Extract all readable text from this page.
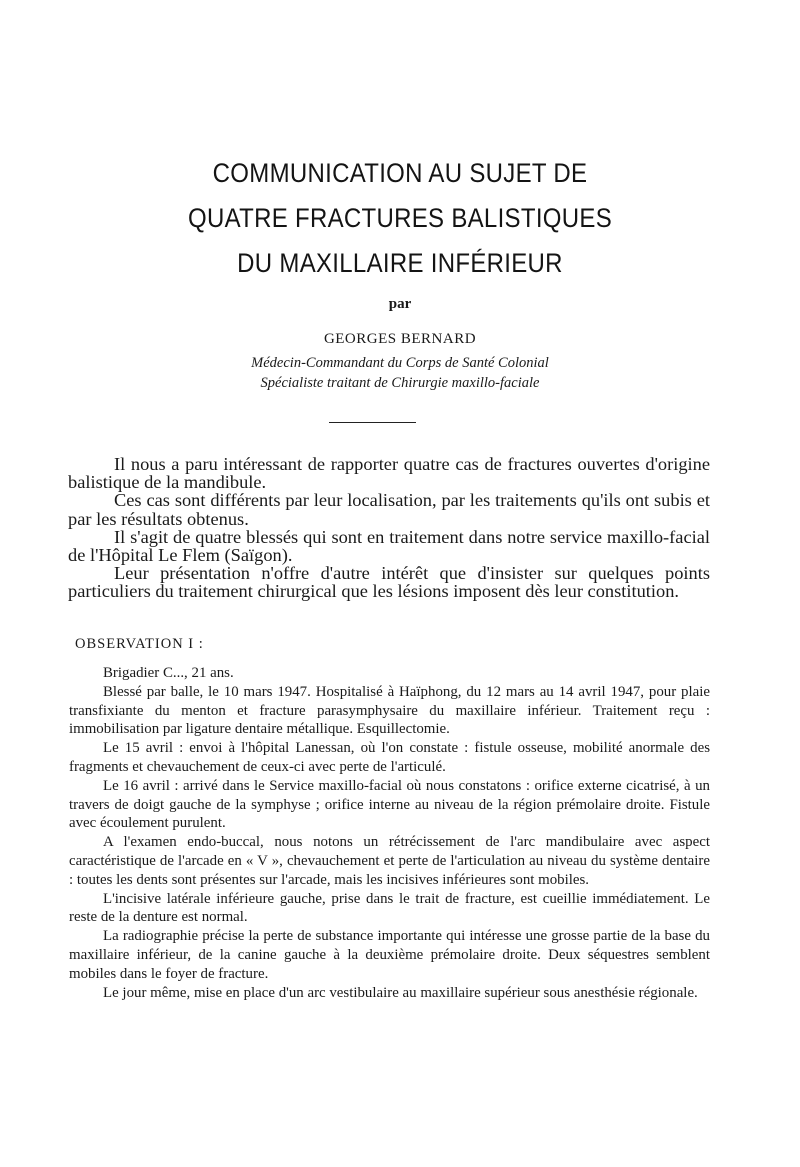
COMMUNICATION AU SUJET DE
QUATRE FRACTURES BALISTIQUES
DU MAXILLAIRE INFÉRIEUR
par
GEORGES BERNARD
Médecin-Commandant du Corps de Santé Colonial
Spécialiste traitant de Chirurgie maxillo-faciale

Il nous a paru intéressant de rapporter quatre cas de fractures ouvertes d'origine balistique de la mandibule.

Ces cas sont différents par leur localisation, par les traitements qu'ils ont subis et par les résultats obtenus.

Il s'agit de quatre blessés qui sont en traitement dans notre service maxillo-facial de l'Hôpital Le Flem (Saïgon).

Leur présentation n'offre d'autre intérêt que d'insister sur quelques points particuliers du traitement chirurgical que les lésions imposent dès leur constitution.

OBSERVATION I :

Brigadier C..., 21 ans.

Blessé par balle, le 10 mars 1947. Hospitalisé à Haïphong, du 12 mars au 14 avril 1947, pour plaie transfixiante du menton et fracture parasymphysaire du maxillaire inférieur. Traitement reçu : immobilisation par ligature dentaire métallique. Esquillectomie.

Le 15 avril : envoi à l'hôpital Lanessan, où l'on constate : fistule osseuse, mobilité anormale des fragments et chevauchement de ceux-ci avec perte de l'articulé.

Le 16 avril : arrivé dans le Service maxillo-facial où nous constatons : orifice externe cicatrisé, à un travers de doigt gauche de la symphyse ; orifice interne au niveau de la région prémolaire droite. Fistule avec écoulement purulent.

A l'examen endo-buccal, nous notons un rétrécissement de l'arc mandibulaire avec aspect caractéristique de l'arcade en « V », chevauchement et perte de l'articulation au niveau du système dentaire : toutes les dents sont présentes sur l'arcade, mais les incisives inférieures sont mobiles.

L'incisive latérale inférieure gauche, prise dans le trait de fracture, est cueillie immédiatement. Le reste de la denture est normal.

La radiographie précise la perte de substance importante qui intéresse une grosse partie de la base du maxillaire inférieur, de la canine gauche à la deuxième prémolaire droite. Deux séquestres semblent mobiles dans le foyer de fracture.

Le jour même, mise en place d'un arc vestibulaire au maxillaire supérieur sous anesthésie régionale.
